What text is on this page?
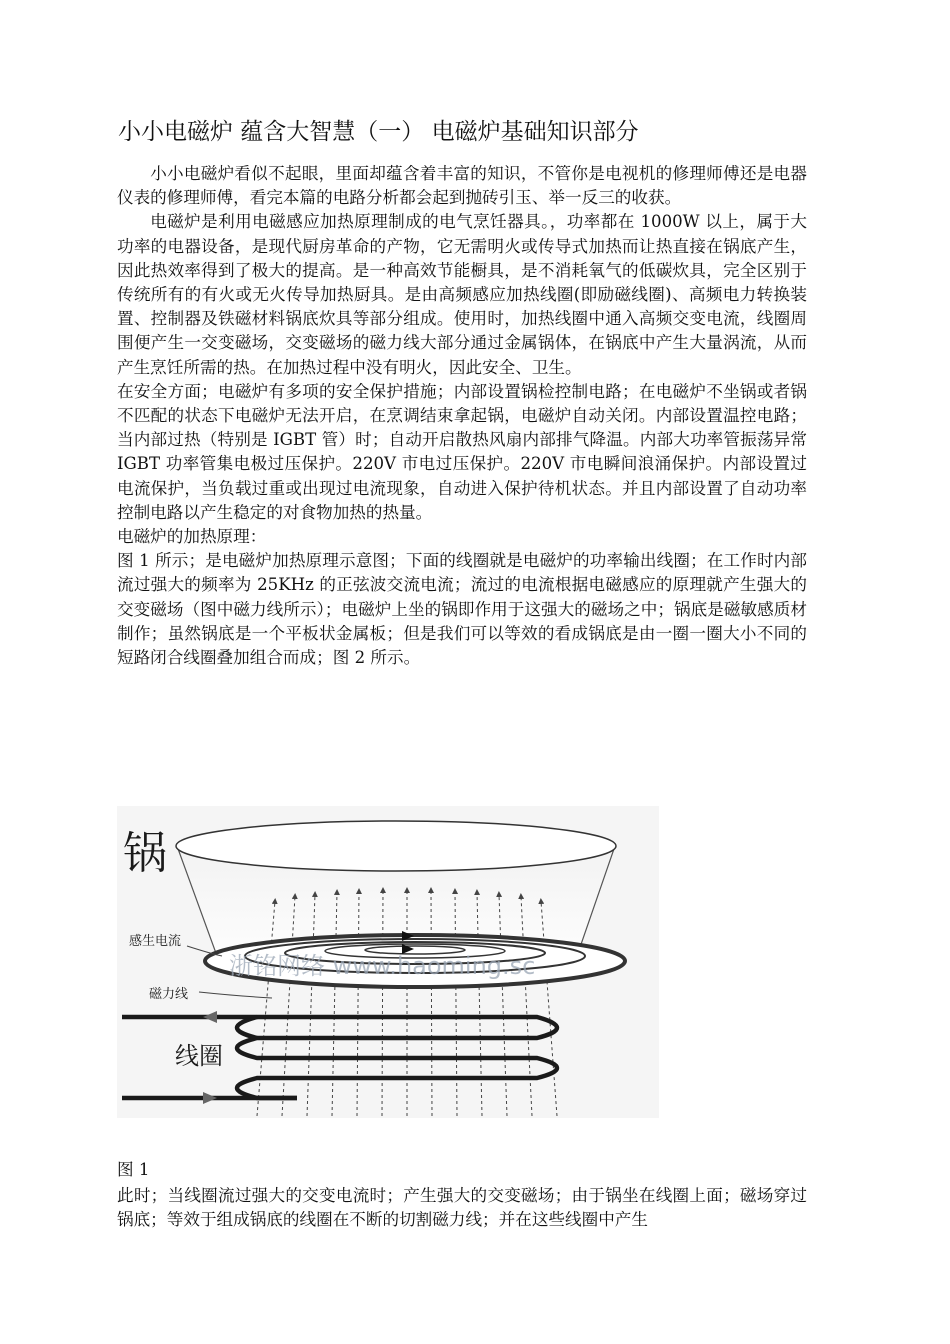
小小电磁炉 蕴含大智慧（一） 电磁炉基础知识部分

小小电磁炉看似不起眼，里面却蕴含着丰富的知识，不管你是电视机的修理师傅还是电器仪表的修理师傅，看完本篇的电路分析都会起到抛砖引玉、举一反三的收获。

电磁炉是利用电磁感应加热原理制成的电气烹饪器具。，功率都在 1000W 以上，属于大功率的电器设备，是现代厨房革命的产物，它无需明火或传导式加热而让热直接在锅底产生，因此热效率得到了极大的提高。是一种高效节能橱具，是不消耗氧气的低碳炊具，完全区别于传统所有的有火或无火传导加热厨具。是由高频感应加热线圈(即励磁线圈)、高频电力转换装置、控制器及铁磁材料锅底炊具等部分组成。使用时，加热线圈中通入高频交变电流，线圈周围便产生一交变磁场，交变磁场的磁力线大部分通过金属锅体，在锅底中产生大量涡流，从而产生烹饪所需的热。在加热过程中没有明火，因此安全、卫生。

在安全方面；电磁炉有多项的安全保护措施；内部设置锅检控制电路；在电磁炉不坐锅或者锅不匹配的状态下电磁炉无法开启，在烹调结束拿起锅，电磁炉自动关闭。内部设置温控电路；当内部过热（特别是 IGBT 管）时；自动开启散热风扇内部排气降温。内部大功率管振荡异常 IGBT 功率管集电极过压保护。220V 市电过压保护。220V 市电瞬间浪涌保护。内部设置过电流保护，当负载过重或出现过电流现象，自动进入保护待机状态。并且内部设置了自动功率控制电路以产生稳定的对食物加热的热量。

电磁炉的加热原理：

图 1 所示；是电磁炉加热原理示意图；下面的线圈就是电磁炉的功率输出线圈；在工作时内部流过强大的频率为 25KHz 的正弦波交流电流；流过的电流根据电磁感应的原理就产生强大的交变磁场（图中磁力线所示）；电磁炉上坐的锅即作用于这强大的磁场之中；锅底是磁敏感质材制作；虽然锅底是一个平板状金属板；但是我们可以等效的看成锅底是由一圈一圈大小不同的短路闭合线圈叠加组合而成；图 2 所示。

锅
感生电流
磁力线
线圈
浙铭网络 www.haoming.sc
图 1

此时；当线圈流过强大的交变电流时；产生强大的交变磁场；由于锅坐在线圈上面；磁场穿过锅底；等效于组成锅底的线圈在不断的切割磁力线；并在这些线圈中产生
